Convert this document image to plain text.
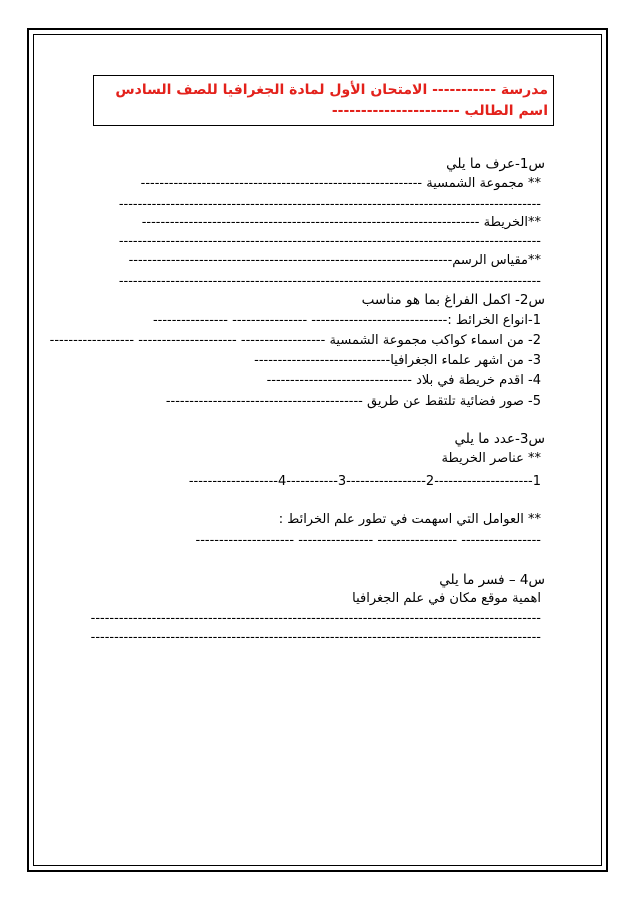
مدرسة ----------- الامتحان الأول لمادة الجغرافيا للصف السادس
اسم الطالب ----------------------
س1-عرف ما يلي
** مجموعة الشمسية ------------------------------------------------------------
------------------------------------------------------------------------------------------
**الخريطة ------------------------------------------------------------------------
------------------------------------------------------------------------------------------
**مقياس الرسم---------------------------------------------------------------------
------------------------------------------------------------------------------------------
س2- اكمل الفراغ بما هو مناسب
1-انواع الخرائط :----------------------------- ---------------- ----------------
2- من اسماء كواكب مجموعة الشمسية ------------------ --------------------- ------------------
3- من اشهر علماء الجغرافيا-----------------------------
4- اقدم خريطة في بلاد -------------------------------
5- صور فضائية تلتقط عن طريق ------------------------------------------
س3-عدد ما يلي
** عناصر الخريطة
1---------------------2-----------------3-----------4-------------------
** العوامل التي اسهمت في تطور علم الخرائط :
----------------- ----------------- ---------------- ---------------------
س4 – فسر ما يلي
اهمية موقع مكان في علم الجغرافيا
------------------------------------------------------------------------------------------------
------------------------------------------------------------------------------------------------
